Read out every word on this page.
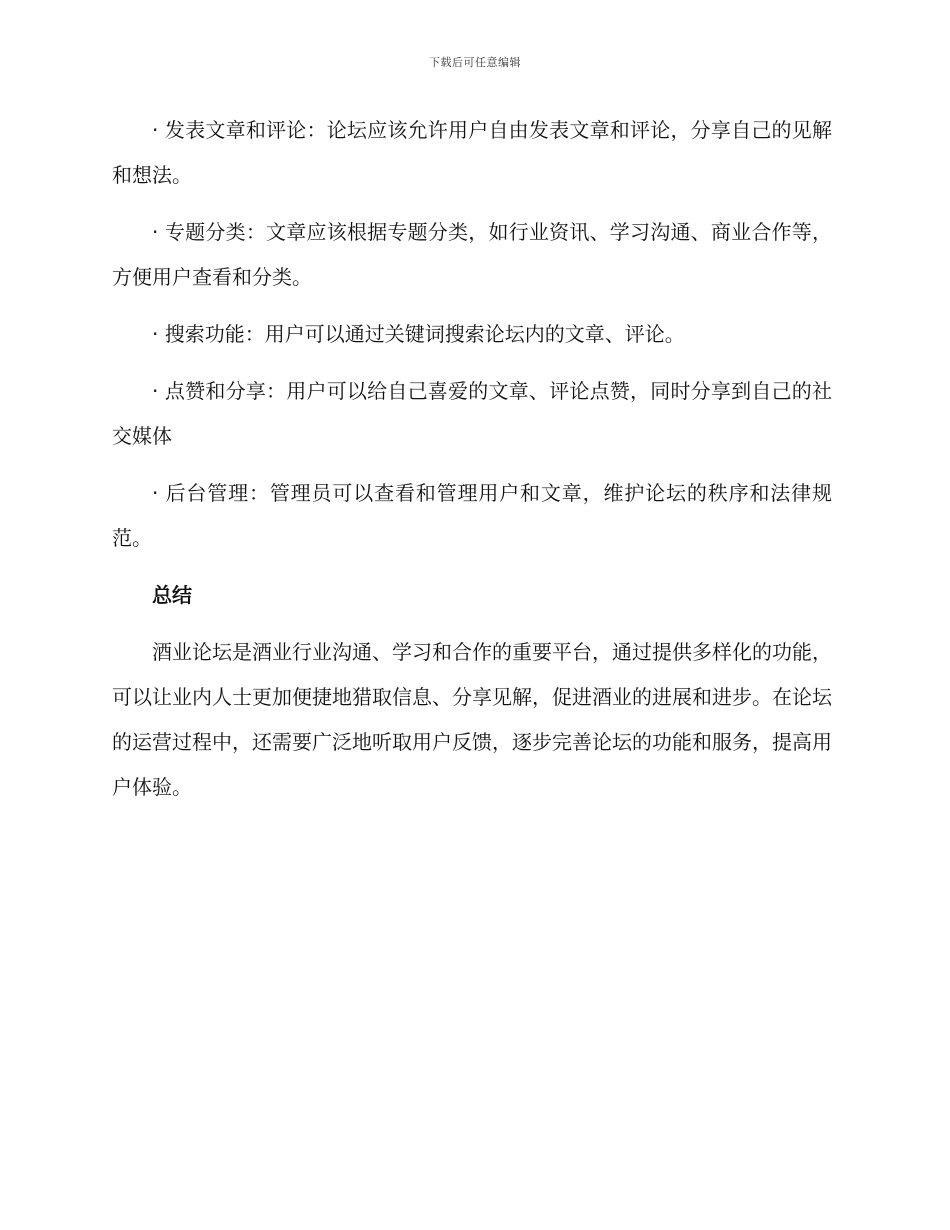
下载后可任意编辑

· 发表文章和评论：论坛应该允许用户自由发表文章和评论，分享自己的见解和想法。

· 专题分类：文章应该根据专题分类，如行业资讯、学习沟通、商业合作等，方便用户查看和分类。

· 搜索功能：用户可以通过关键词搜索论坛内的文章、评论。

· 点赞和分享：用户可以给自己喜爱的文章、评论点赞，同时分享到自己的社交媒体

· 后台管理：管理员可以查看和管理用户和文章，维护论坛的秩序和法律规范。

总结

酒业论坛是酒业行业沟通、学习和合作的重要平台，通过提供多样化的功能，可以让业内人士更加便捷地猎取信息、分享见解，促进酒业的进展和进步。在论坛的运营过程中，还需要广泛地听取用户反馈，逐步完善论坛的功能和服务，提高用户体验。
